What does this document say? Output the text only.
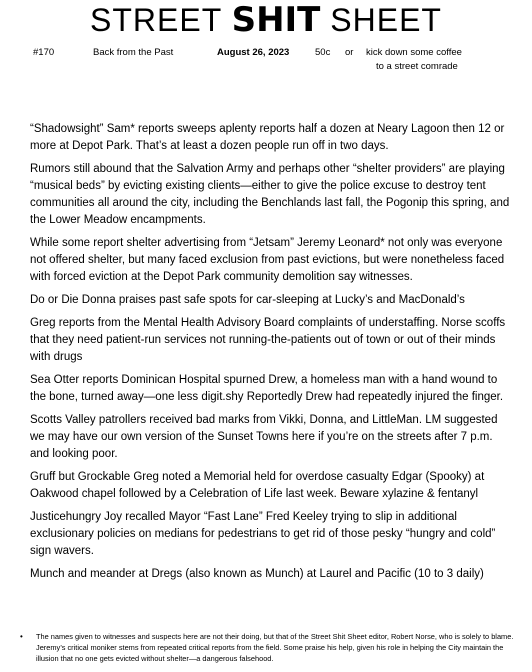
STREET SHIT SHEET
#170	Back from the Past	August 26, 2023	50c or kick down some coffee
to a street comrade

“Shadowsight” Sam* reports sweeps aplenty reports half a dozen at Neary Lagoon then 12 or more at Depot Park. That’s at least a dozen people run off in two days.

Rumors still abound that the Salvation Army and perhaps other “shelter providers” are playing “musical beds” by evicting existing clients—either to give the police excuse to destroy tent communities all around the city, including the Benchlands last fall, the Pogonip this spring, and the Lower Meadow encampments.

While some report shelter advertising from “Jetsam” Jeremy Leonard* not only was everyone not offered shelter, but many faced exclusion from past evictions, but were nonetheless faced with forced eviction at the Depot Park community demolition say witnesses.

Do or Die Donna praises past safe spots for car-sleeping at Lucky’s and MacDonald’s

Greg reports from the Mental Health Advisory Board complaints of understaffing. Norse scoffs that they need patient-run services not running-the-patients out of town or out of their minds with drugs

Sea Otter reports Dominican Hospital spurned Drew, a homeless man with a hand wound to the bone, turned away—one less digit.shy Reportedly Drew had repeatedly injured the finger.

Scotts Valley patrollers received bad marks from Vikki, Donna, and LittleMan. LM suggested we may have our own version of the Sunset Towns here if you’re on the streets after 7 p.m. and looking poor.

Gruff but Grockable Greg noted a Memorial held for overdose casualty Edgar (Spooky) at Oakwood chapel followed by a Celebration of Life last week. Beware xylazine & fentanyl

Justicehungry Joy recalled Mayor “Fast Lane” Fred Keeley trying to slip in additional exclusionary policies on medians for pedestrians to get rid of those pesky “hungry and cold” sign wavers.

Munch and meander at Dregs (also known as Munch) at Laurel and Pacific (10 to 3 daily)

• The names given to witnesses and suspects here are not their doing, but that of the Street Shit Sheet editor, Robert Norse, who is solely to blame. Jeremy’s critical moniker stems from repeated critical reports from the field. Some praise his help, given his role in helping the City maintain the illusion that no one gets evicted without shelter—a dangerous falsehood.
